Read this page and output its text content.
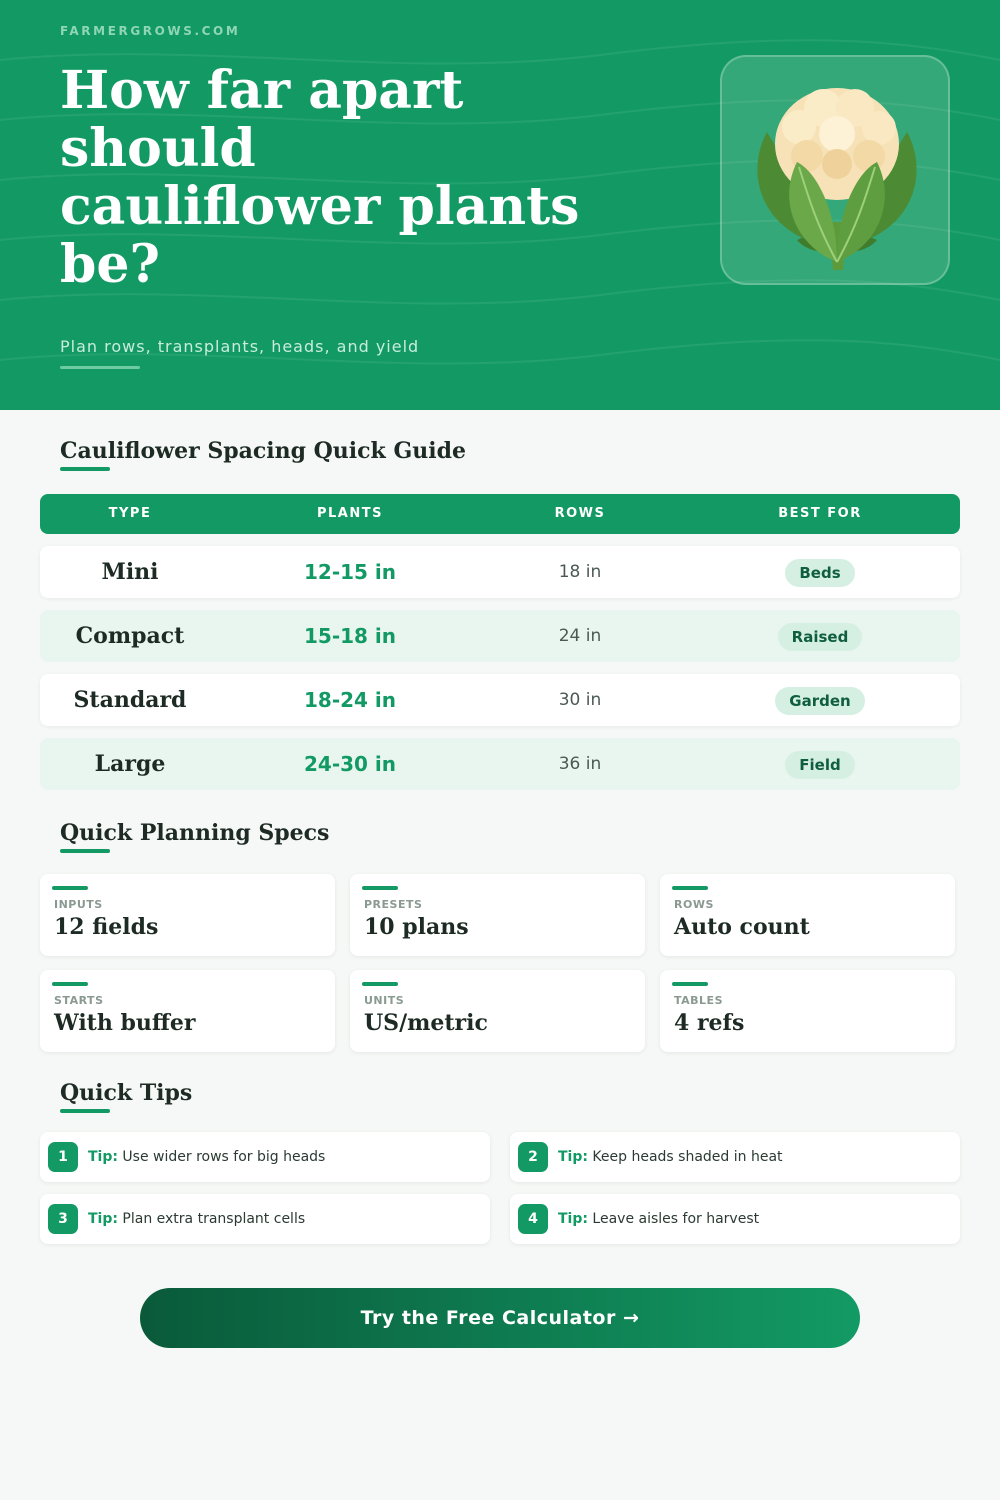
FARMERGROWS.COM
How far apart should cauliflower plants be?
Plan rows, transplants, heads, and yield
Cauliflower Spacing Quick Guide
TYPE	PLANTS	ROWS	BEST FOR
Mini	12-15 in	18 in	Beds
Compact	15-18 in	24 in	Raised
Standard	18-24 in	30 in	Garden
Large	24-30 in	36 in	Field
Quick Planning Specs
INPUTS
12 fields
PRESETS
10 plans
ROWS
Auto count
STARTS
With buffer
UNITS
US/metric
TABLES
4 refs
Quick Tips
1	Tip: Use wider rows for big heads	2	Tip: Keep heads shaded in heat
3	Tip: Plan extra transplant cells	4	Tip: Leave aisles for harvest
Try the Free Calculator →
